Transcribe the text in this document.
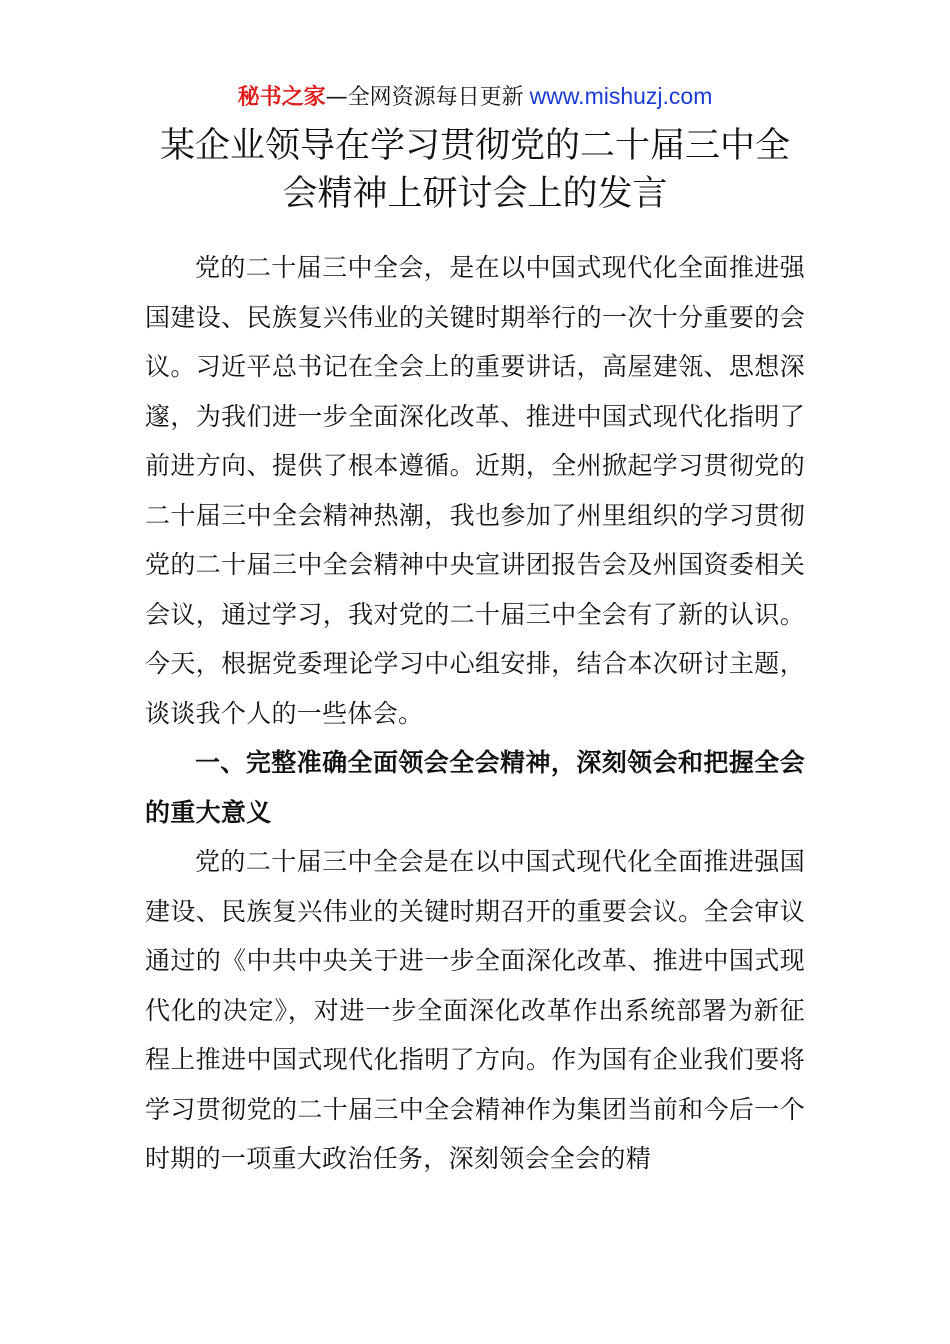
秘书之家—全网资源每日更新 www.mishuzj.com
某企业领导在学习贯彻党的二十届三中全会精神上研讨会上的发言

党的二十届三中全会，是在以中国式现代化全面推进强国建设、民族复兴伟业的关键时期举行的一次十分重要的会议。习近平总书记在全会上的重要讲话，高屋建瓴、思想深邃，为我们进一步全面深化改革、推进中国式现代化指明了前进方向、提供了根本遵循。近期，全州掀起学习贯彻党的二十届三中全会精神热潮，我也参加了州里组织的学习贯彻党的二十届三中全会精神中央宣讲团报告会及州国资委相关会议，通过学习，我对党的二十届三中全会有了新的认识。今天，根据党委理论学习中心组安排，结合本次研讨主题，谈谈我个人的一些体会。

一、完整准确全面领会全会精神，深刻领会和把握全会的重大意义

党的二十届三中全会是在以中国式现代化全面推进强国建设、民族复兴伟业的关键时期召开的重要会议。全会审议通过的《中共中央关于进一步全面深化改革、推进中国式现代化的决定》，对进一步全面深化改革作出系统部署为新征程上推进中国式现代化指明了方向。作为国有企业我们要将学习贯彻党的二十届三中全会精神作为集团当前和今后一个时期的一项重大政治任务，深刻领会全会的精
